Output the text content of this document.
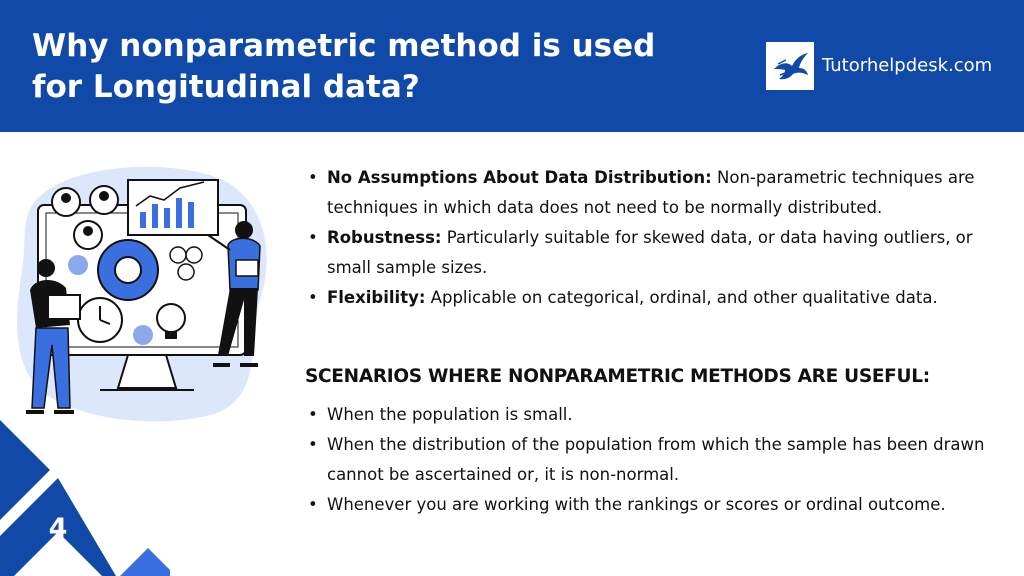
Why nonparametric method is used
for Longitudinal data?
Tutorhelpdesk.com
• No Assumptions About Data Distribution: Non-parametric techniques are techniques in which data does not need to be normally distributed.
• Robustness: Particularly suitable for skewed data, or data having outliers, or small sample sizes.
• Flexibility: Applicable on categorical, ordinal, and other qualitative data.
SCENARIOS WHERE NONPARAMETRIC METHODS ARE USEFUL:
• When the population is small.
• When the distribution of the population from which the sample has been drawn cannot be ascertained or, it is non-normal.
• Whenever you are working with the rankings or scores or ordinal outcome.
4
